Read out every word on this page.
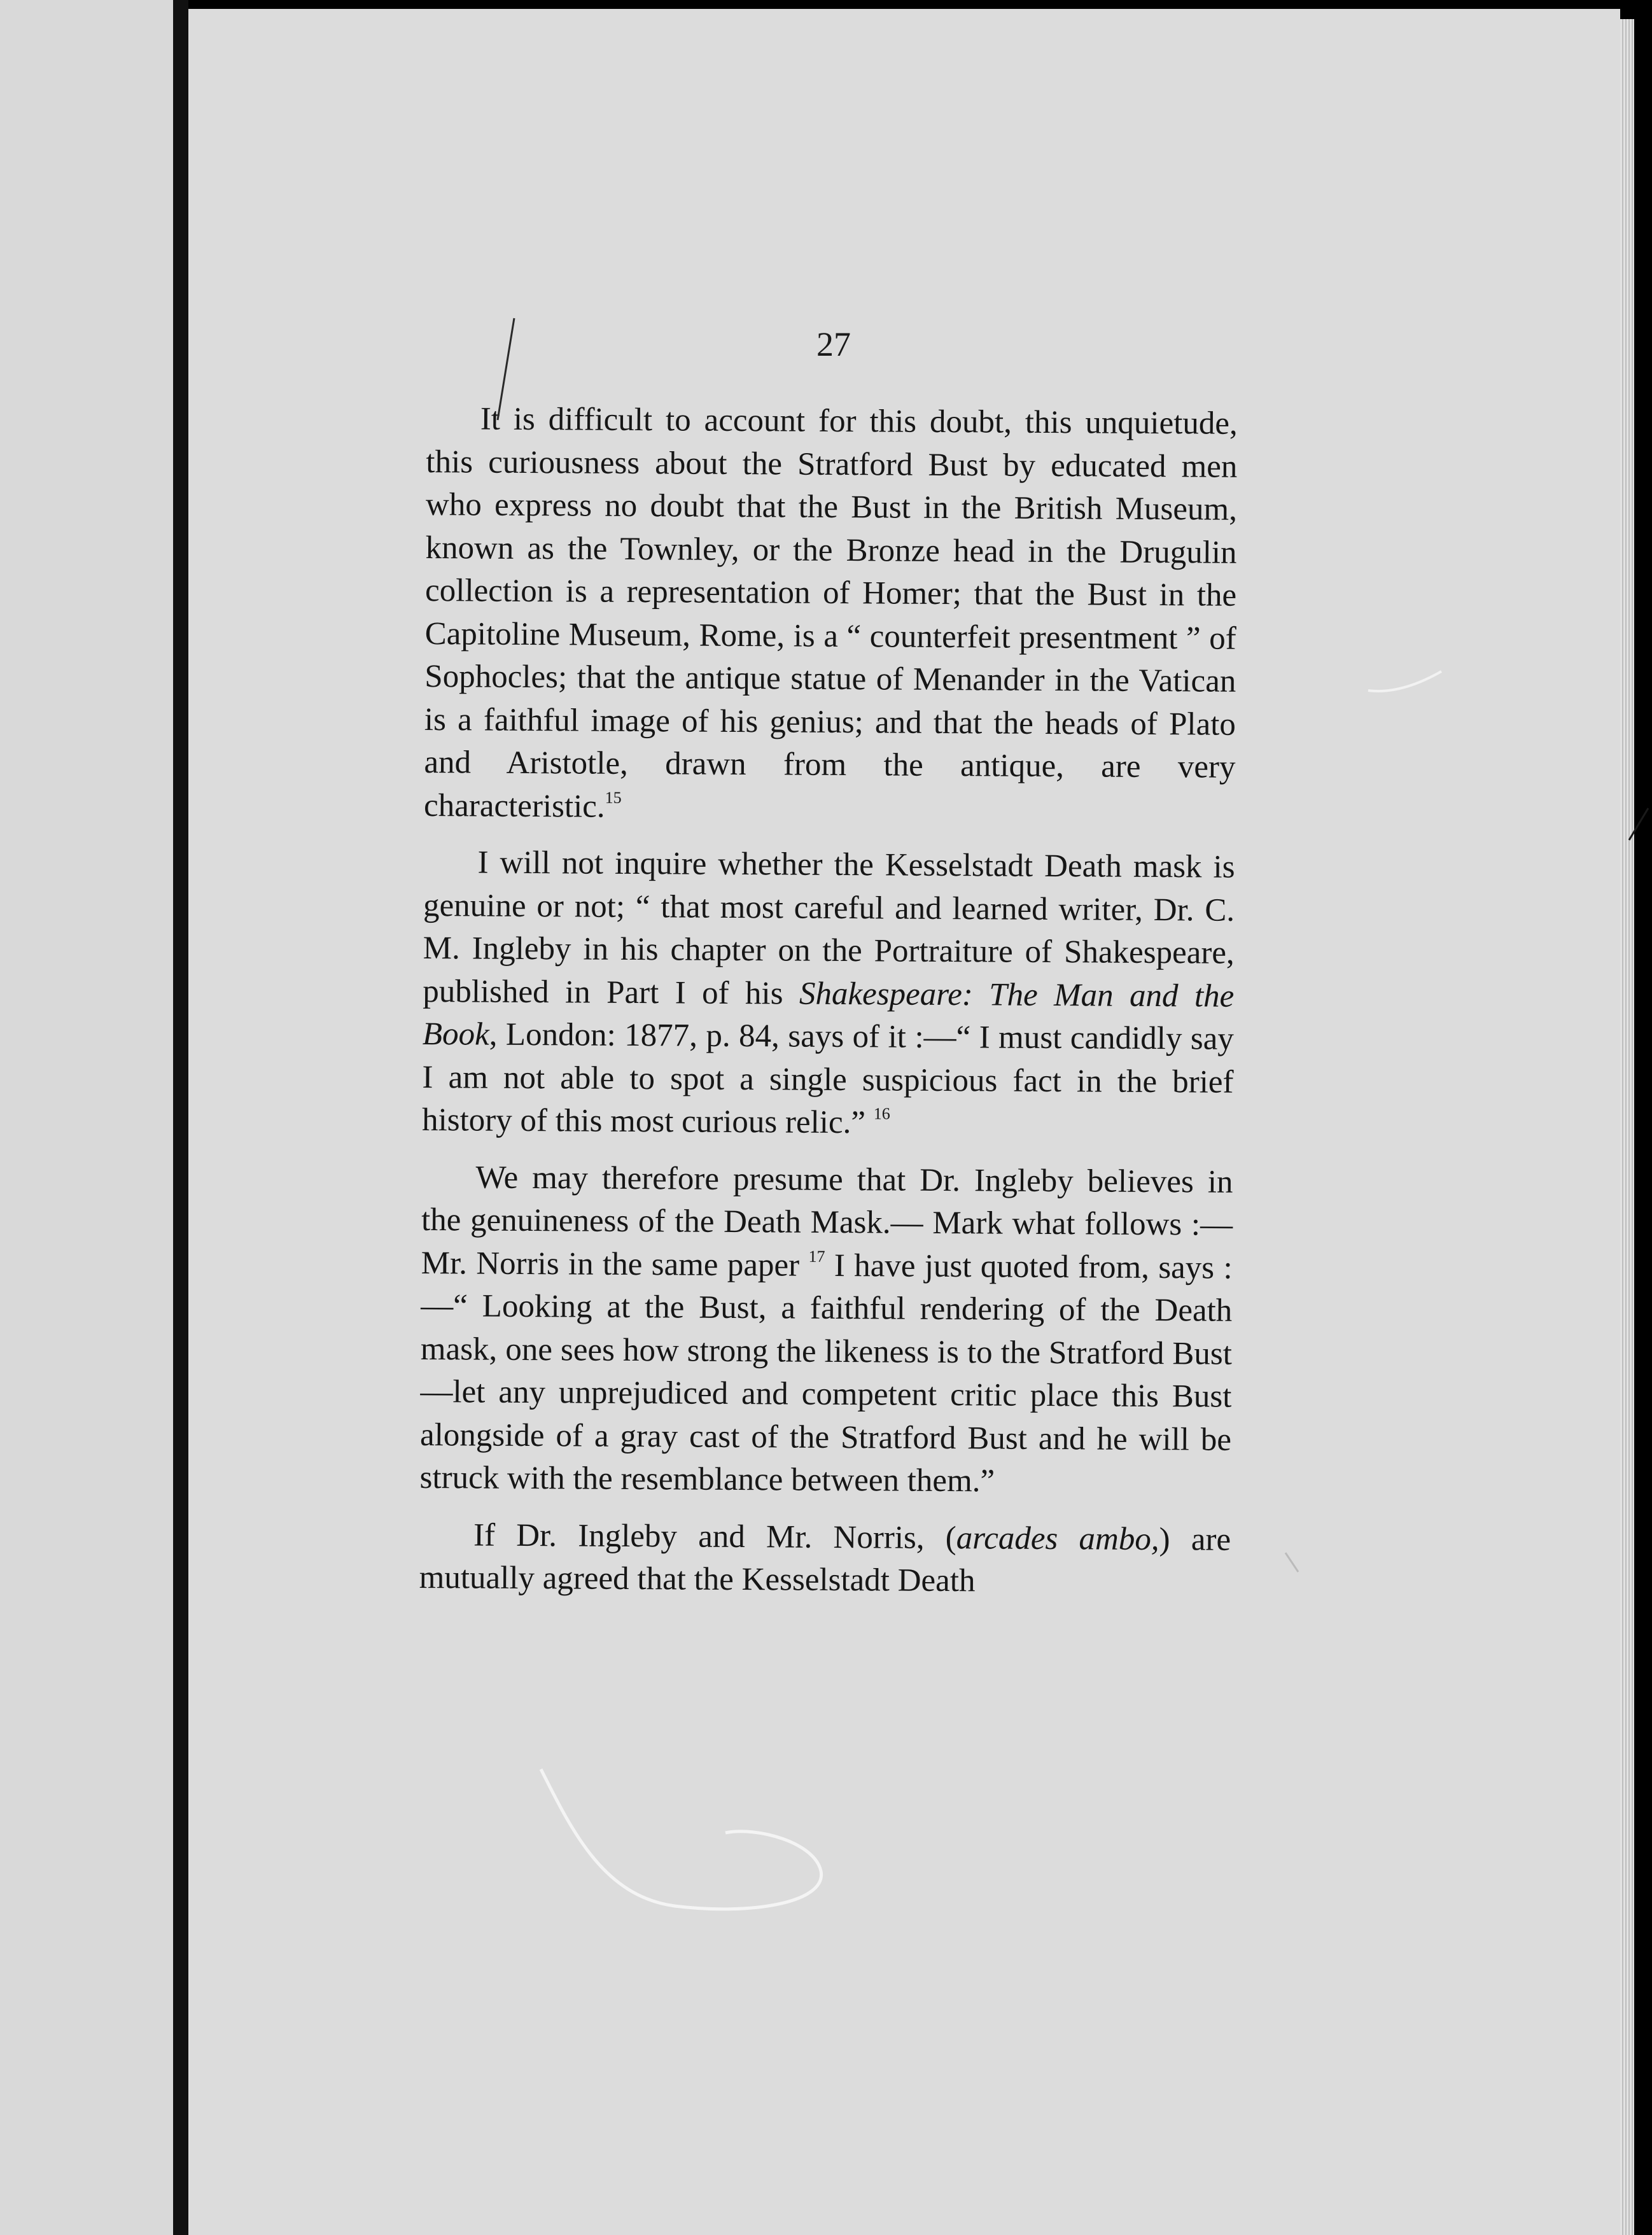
27

It is difficult to account for this doubt, this unquietude, this curiousness about the Stratford Bust by educated men who express no doubt that the Bust in the British Museum, known as the Townley, or the Bronze head in the Drugulin collection is a representation of Homer; that the Bust in the Capitoline Museum, Rome, is a “ counterfeit presentment ” of Sophocles; that the antique statue of Menander in the Vatican is a faithful image of his genius; and that the heads of Plato and Aristotle, drawn from the antique, are very characteristic.$^{15}$

I will not inquire whether the Kesselstadt Death mask is genuine or not; “ that most careful and learned writer, Dr. C. M. Ingleby in his chapter on the Portraiture of Shakespeare, published in Part I of his Shakespeare: The Man and the Book, London: 1877, p. 84, says of it :—“ I must candidly say I am not able to spot a single suspicious fact in the brief history of this most curious relic.” $^{16}$

We may therefore presume that Dr. Ingleby believes in the genuineness of the Death Mask.— Mark what follows :—Mr. Norris in the same paper $^{17}$ I have just quoted from, says :—“ Looking at the Bust, a faithful rendering of the Death mask, one sees how strong the likeness is to the Stratford Bust—let any unprejudiced and competent critic place this Bust alongside of a gray cast of the Stratford Bust and he will be struck with the resemblance between them.”

If Dr. Ingleby and Mr. Norris, (arcades ambo,) are mutually agreed that the Kesselstadt Death
